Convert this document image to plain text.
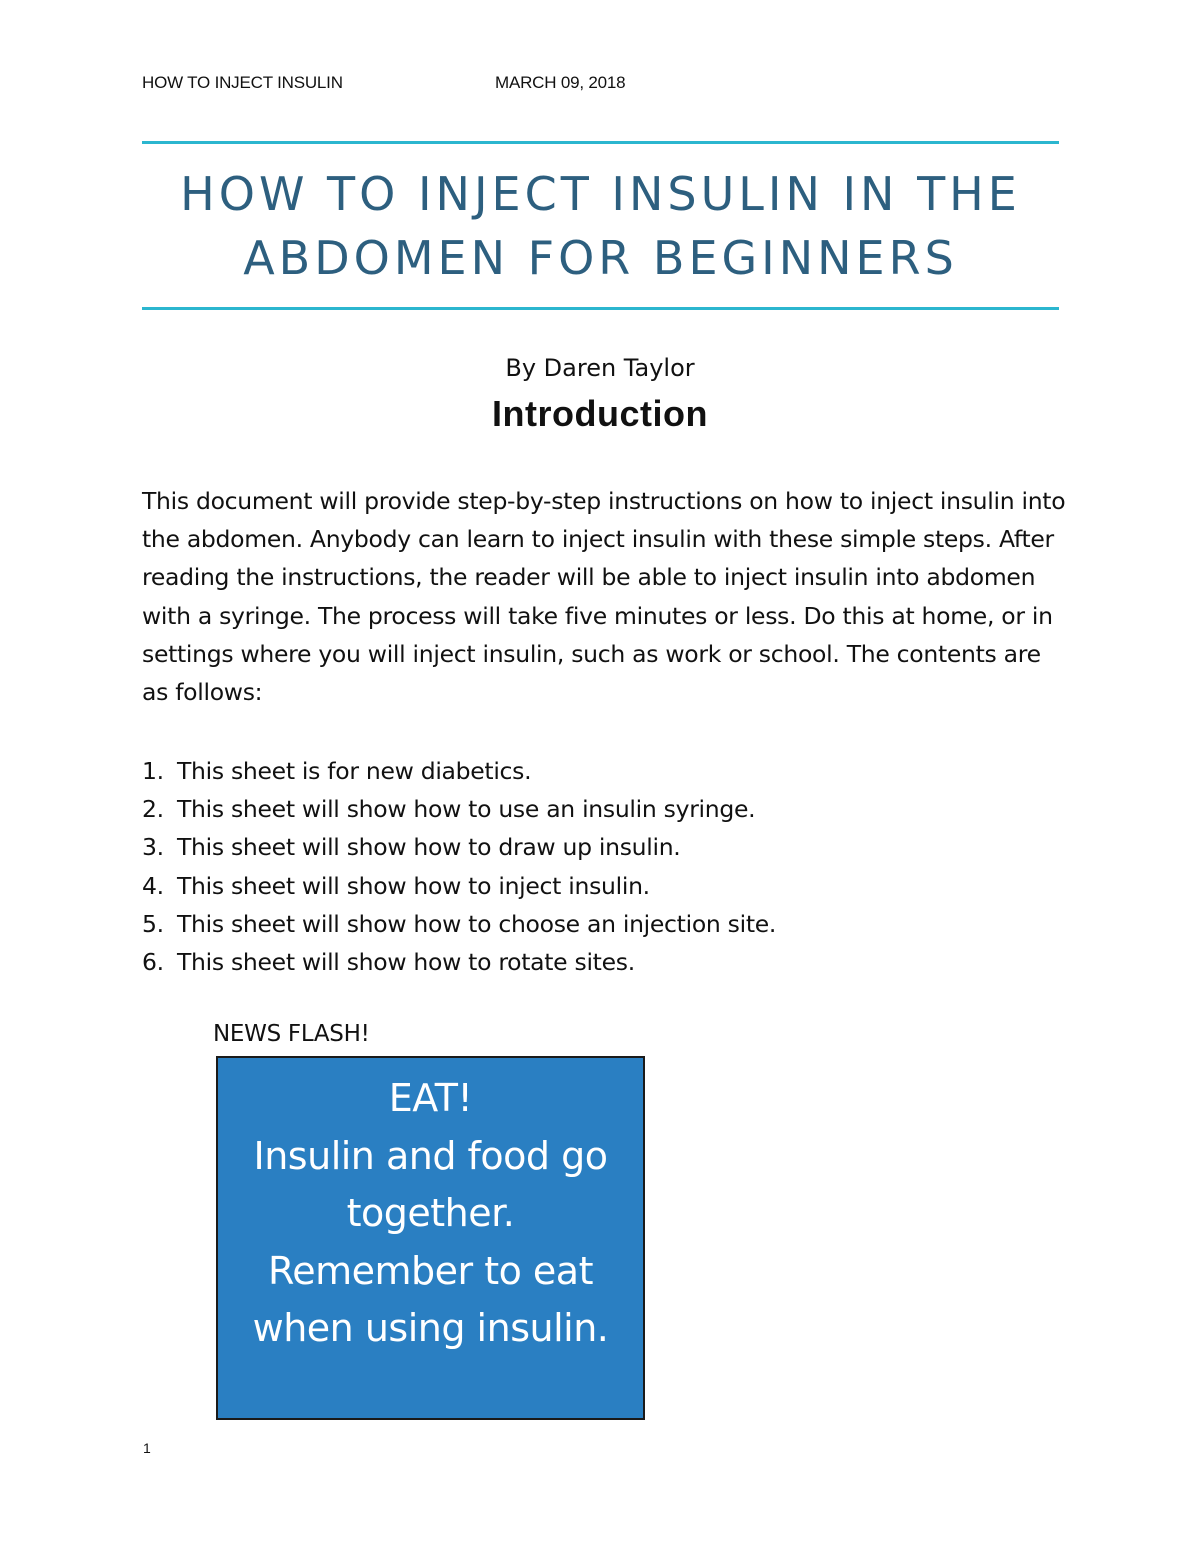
HOW TO INJECT INSULIN	MARCH 09, 2018
HOW TO INJECT INSULIN IN THE
ABDOMEN FOR BEGINNERS
By Daren Taylor
Introduction

This document will provide step-by-step instructions on how to inject insulin into the abdomen. Anybody can learn to inject insulin with these simple steps. After reading the instructions, the reader will be able to inject insulin into abdomen with a syringe. The process will take five minutes or less. Do this at home, or in settings where you will inject insulin, such as work or school. The contents are as follows:

1. This sheet is for new diabetics.
2. This sheet will show how to use an insulin syringe.
3. This sheet will show how to draw up insulin.
4. This sheet will show how to inject insulin.
5. This sheet will show how to choose an injection site.
6. This sheet will show how to rotate sites.
NEWS FLASH!
EAT!
Insulin and food go
together.
Remember to eat
when using insulin.
1
